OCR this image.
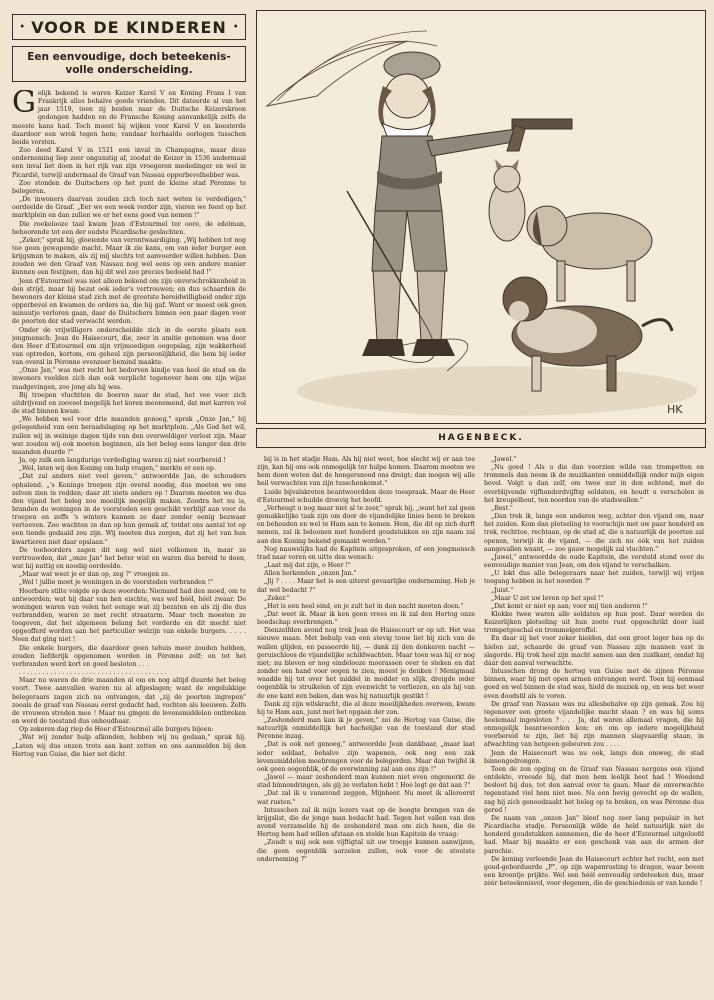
• VOOR DE KINDEREN •
Een eenvoudige, doch beteekenis-
volle onderscheiding.

Gelijk bekend is waren Keizer Karel V en Koning Frans I van Frankrijk alles behalve goede vrienden. Dit dateerde al van het jaar 1519, toen zij beiden naar de Duitsche Keizerskroon gedongen hadden en de Fransche Koning aanvankelijk zelfs de meeste kans had. Toch moest hij wijken voor Karel V en koesterde daardoor een wrok tegen hem; vandaar herhaalde oorlogen tusschen beide vorsten.

Zoo deed Karel V in 1521 een inval in Champagne, maar deze onderneming liep zeer ongunstig af, zoodat de Keizer in 1536 andermaal een inval liet doen in het rijk van zijn vroegeren mededinger en wel in Picardië, terwijl andermaal de Graaf van Nassau opperbevelhebber was.

Zoo stonden de Duitschers op het punt de kleine stad Péronne te belegeren.

„De inwoners daarvan zouden zich toch niet weten te verdedigen," oordeelde de Graaf. „Eer we een week verder zijn, vieren we feest op het marktplein en dan zullen we er het eens goed van nemen !"

Die roekelooze taal kwam Jean d'Estourmel ter oore, de edelman, behoorende tot een der oudste Picardische geslachten.

„Zeker," sprak hij, gloeiende van verontwaardiging. „Wij hebben tot nog toe geen gewapende macht. Maar ik zie kans, om van ieder burger een krijgsman te maken, als zij mij slechts tot aanvoerder willen hebben. Dan zouden we den Graaf van Nassau nog wel eens op een andere manier kunnen een festijnen, dan hij dit wel zoo precies bedoeld had !"

Jean d'Estourmel was niet alleen bekend om zijn onverschrokkenheid in den strijd, maar hij bezat ook ieder's vertrouwen; en dus schaarden de bewoners der kleine stad zich met de grootste bereidwilligheid onder zijn opperbevel en kwamen de orders na, die hij gaf. Want er moest ook geen minuutje verloren gaan, daar de Duitschers binnen een paar dagen voor de poorten der stad verwacht werden.

Onder de vrijwilligers onderscheidde zich in de eerste plaats een jongmensch: Jean de Haisecourt, die, zeer in amitie genomen was door den Heer d'Estourmel om zijn vrijmoedigen oogopslag, zijn wakkerheid van optreden, kortom, om geheel zijn persoonlijkheid, die hem bij ieder van overal in Péronne evenzeer bemind maakte.

„Onze Jan," was met recht het bedorven kindje van heel de stad en de inwoners voelden zich dan ook verplicht tegenover hem om zijn wijze raadgevingen, zoo jong als hij was.

Bij troepen vluchtten de boeren naar de stad, het vee voor zich uitdrijvend en zooveel mogelijk het koren meenemend, dat met karren vol de stad binnen kwam.

„We hebben wel voor drie maanden genoeg," sprak „Onze Jan," bij gelegenheid van een beraadslaging op het marktplein. „Als God het wil, zullen wij in weinige dagen tijds van den overweldiger verlost zijn. Maar wat zouden wij ook moeten beginnen, als het beleg eens langer dan drie maanden duurde ?"

Ja, op zulk een langdurige verdediging waren zij niet voorbereid !

„Wel, laten wij den Koning om hulp vragen," merkte er een op.

„Dat zal anders niet veel geven," antwoordde Jan, de schouders ophalend. „'s Konings troepen zijn overal noodig, dus moeten we ons zelven zien te redden; daar zit niets anders op ! Daarom moeten we dus den vijand het beleg zoo moeilijk mogelijk maken. Zoodra het nu is, branden de woningen in de voorsteden een geschikt verblijf aan voor de troepen en zeffs 's winters kunnen ze daar zonder eenig bezwaar vertoeven. Zoo wachten ze dan op hun gemak af, totdat ons aantal tot op een tiende gedaald zou zijn. Wij moeten dus zorgen, dat zij het van hun kwartieren niet daar opslaan."

De toehoorders zagen dit nog wel niet volkomen in, maar ze vertrouwden, dat „onze Jan" het beter wist en waren dus bereid te doen, wat hij nuttig en noodig oordeelde.

„Maar wat weet je er dan op, zeg ?" vroegen ze.

„Wel ! jullie moet je woningen in de voorsteden verbranden !"

Hoorbare stilte volgde op deze woorden: Niemand had den moed, om te antwoorden; wat hij daar van hen eischte, was wel héél, héél zwaar. De woningen waren van velen het eenige wat zij bezaten en als zij die dus verbrandden, waren ze met recht straatarm. Maar toch moesten ze toegeven, dat het algemeen belang het vorderde en dit mocht niet opgeofferd worden aan het particulier welzijn van enkele burgers. . . . . Neen dat ging niet !

Die enkele burgers, die daardoor geen tehuis meer zouden hebben, zouden liefderijk opgenomen worden in Péronne zelf; en tot het verbranden werd kort en goed besloten . . .

. . . . . . . . . . . . . . . . . . . . . . . . . . . . . . . . . . . . . .

Maar nu waren de drie maanden al om en nog altijd duurde het beleg voort. Twee aanvallen waren nu al afgeslagen; want de ongelukkige belegeraars zagen zich nu ontvangen, dat „zij de poorten ingrepen" zooals de graaf van Nassau eerst gedacht had, vochten als leeuwen. Zelfs de vrouwen streden mee ! Maar nu gingen de levensmiddelen ontbreken en werd de toestand dus onhoudbaar.

Op zekeren dag riep de Heer d'Estourmel alle burgers bijeen:

„Wat wij zonder hulp afkonden, hebben wij nu gedaan," sprak hij. „Laten wij dus onzen trots aan kant zetten en ons aanmelden bij den Hertog van Guise, die hier net dicht

HK
HAGENBECK.

bij is in het stadje Ham. Als hij niet weet, hoe slecht wij er aan toe zijn, kan hij ons ook onmogelijk ter hulpe komen. Daarom moeten we hem doen weten dat de hongersnood ons dreigt; dan mogen wij alle heil verwachten van zijn tusschenkomst."

Luide bijvalskreten beantwoordden deze toespraak. Maar de Heer d'Estourmel schudde droevig het hoofd.

„Verheugt u nog maar niet al te zeer," sprak hij, „want het zal geen gemakkelijke taak zijn om door de vijandelijke linies heen te breken en behouden en wel te Ham aan te komen. Hem, die dit op zich durft nemen, zal ik beloonen met honderd goudstukken en zijn naam zal aan den Koning bekend gemaakt worden."

Nog nauwelijks had de Kapitein uitgesproken, of een jongmensch trad naar voren en uitte den wensch:

„Laat mij dat zijn, o Heer !"

Allen herkenden „onzen Jan."

„Jij ? . . . . Maar het is een uiterst gevaarlijke onderneming. Heb je dat wel bedacht ?"

„Zeker."

„Het is een heel eind, en je zult het in den nacht moeten doen."

„Dat weet ik. Maar ik ken geen vrees en ik zal den Hertog onze boodschap overbrengen."

Dienzelfden avond nog trok Jean de Haisecourt er op uit. Het was nieuwe maan. Met behulp van een stevig touw liet hij zich van de wallen glijden, en passeerde hij, — dank zij den donkeren nacht — geruischloos de vijandelijke schildwachten. Maar toen was hij er nog niet; nu bleven er nog eindelooze moerassen over te steken en dat zonder een hand voor oogen te zien, moest je denken ! Menigmaal waadde hij tot over het middel in modder en slijk, dreigde ieder oogenblik te struikelen of zijn evenwicht te verliezen, en als hij van de ene kant een baken, dan was hij natuurlijk gestikt !

Dank zij zijn wilskracht, die al deze moeilijkheden overwon, kwam hij te Ham aan, juist met het opgaan der zon.

„Zeshonderd man kan ik je geven," zei de Hertog van Guise, die natuurlijk onmiddellijk het hachelijke van de toestand der stad Péronne inzag.

„Dat is ook net genoeg," antwoordde Jean dankbaar, „maar laat ieder soldaat, behalve zijn wapenen, ook nog een zak levensmiddelen meebrengen voor de belegerden. Maar dan twijfel ik ook geen oogenblik, of de overwinning zal aan ons zijn !"

„Jawel — maar zeshonderd man kunnen niet even ongemerkt de stad binnendringen, als gij ze verlaten hebt ! Hoe legt ge dát aan ?"

„Dat zal ik u vanavond zeggen, Mijnheer. Nu moet ik allereerst wat rusten."

Intusschen zal ik mijn lezers vast op de hoogte brengen van de krijgslist, die de jonge man bedacht had. Tegen het vallen van den avond verzamelde hij de zeshonderd man om zich heen, die de Hertog hem had willen afstaan en stelde hun Kapitein de vraag:

„Zoudt u mij ook een vijftigtal uit uw troepje kunnen aanwijzen, die geen oogenblik aarzelen zullen, ook voor de stoutste onderneming ?"

„Jawel."

„Nu goed ! Als u die dan voorzien wilde van trompetten en trommels dan neem ik de muzikanten onmiddellijk onder mijn eigen bevel. Volgt u dan zelf, om twee uur in den ochtend, met de overblijvende vijfhonderdvijftig soldaten, en houdt u verscholen in het kreupelhout, ten noorden van de stadswallen."

„Best."

„Dan trek ik, langs een anderen weg, achter den vijand om, naar het zuiden. Kom dan plotseling te voorschijn met uw paar honderd en trek, rechttoe, rechtaan, op de stad af, die u natuurlijk de poorten zal openen, terwijl ik de vijand, — die zich nu óók van het zuiden aangevallen waant, — zoo gauw mogelijk zal vluchten."

„Jawel," antwoordde de oude Kapitein, die versteld stond over de eenvoudige manier van Jean, om den vijand te verschalken.

„U lokt dus alle belegeraars naar het zuiden, terwijl wij vrijen toegang hebben in het noorden ?"

„Juist."

„Maar U zet uw leven op het spel !"

„Dat komt er niet op aan; voor mij tien anderen !"

Klokke twee waren alle soldaten op hun post. Daar werden de Keizerlijken plotseling uit hun zoete rust opgeschrikt door luid trompetgeschal en trommelgeroffel.

En daar zij het voor zeker hielden, dat een groot leger hen op de hielen zat, schaarde de graaf van Nassau zijn mannen vast in slagorde. Hij trok heel zijn macht samen aan den zuidkant, omdat hij dáár den aanval verwachtte.

Intusschen drong de hertog van Guise met de zijnen Péronne binnen, waar hij met open armen ontvangen werd. Toen hij eenmaal goed en wel binnen de stad was, hield de muziek op, en was het weer even doodstil als te voren.

De graaf van Nassau was nu allesbehalve op zijn gemak. Zou hij tegenover een groote vijandelijke macht staan ? en was hij soms heelemaal ingesloten ? . . . Ja, dat waren allemaal vragen, die hij onmogelijk beantwoorden kon; en om op iedere mogelijkheid voorbereid te zijn, liet hij zijn mannen slagvaardig staan, in afwachting van hetgeen gebeuren zou . . . .

Jean de Haisecourt was nu ook, langs den omweg, de stad binnengedrongen.

Toen de zon opging en de Graaf van Nassau nergens een vijand ontdekte, vreesde hij, dat men hem leelijk beet had ! Woedend besloot hij dus, tot den aanval over te gaan. Maar de onverwachte tegenstand viel hem niet mee. Na een hevig gevecht op de wallen, zag hij zich genoodzaakt het beleg op te breken, en was Péronne dus gered !

De naam van „onzen Jan" bleef nog zeer lang populair in het Picardische stadje. Persoonlijk wilde de held natuurlijk niet de honderd goudstukken aannemen, die de heer d'Estourmel uitgeloofd had. Maar hij maakte er een geschenk van aan de armen der parochie.

De koning verleende Jean de Haisecourt echter het recht, een met goud-geborduurde „P", op zijn wapenrusting te dragen, waar boven een kroontje prijkte. Wel een héél eenvoudig ordeteeken dus, maar zéér beteekenisvol, voor degenen, die de geschiedenis er van kende !
